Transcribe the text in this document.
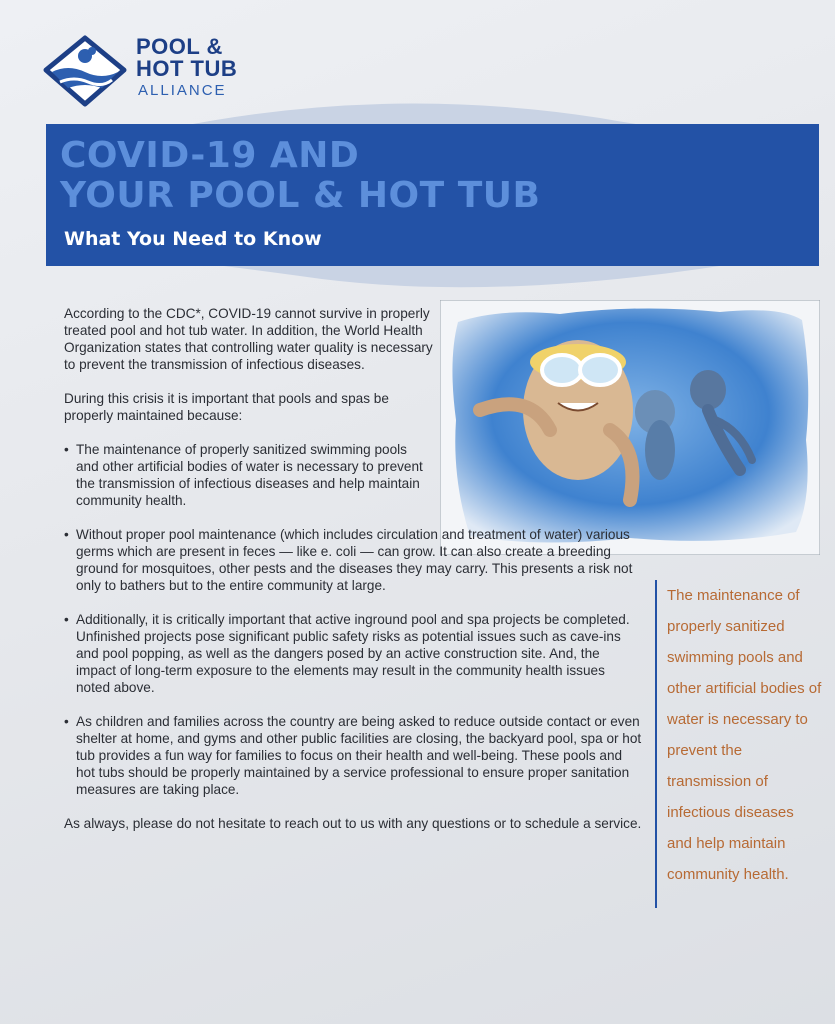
POOL &
HOT TUB
ALLIANCE
COVID-19 AND
YOUR POOL & HOT TUB
What You Need to Know

According to the CDC*, COVID-19 cannot survive in properly treated pool and hot tub water. In addition, the World Health Organization states that controlling water quality is necessary to prevent the transmission of infectious diseases.

During this crisis it is important that pools and spas be properly maintained because:

• The maintenance of properly sanitized swimming pools and other artificial bodies of water is necessary to prevent the transmission of infectious diseases and help maintain community health.
• Without proper pool maintenance (which includes circulation and treatment of water) various germs which are present in feces — like e. coli — can grow. It can also create a breeding ground for mosquitoes, other pests and the diseases they may carry. This presents a risk not only to bathers but to the entire community at large.
• Additionally, it is critically important that active inground pool and spa projects be completed. Unfinished projects pose significant public safety risks as potential issues such as cave-ins and pool popping, as well as the dangers posed by an active construction site. And, the impact of long-term exposure to the elements may result in the community health issues noted above.
• As children and families across the country are being asked to reduce outside contact or even shelter at home, and gyms and other public facilities are closing, the backyard pool, spa or hot tub provides a fun way for families to focus on their health and well-being. These pools and hot tubs should be properly maintained by a service professional to ensure proper sanitation measures are taking place.

As always, please do not hesitate to reach out to us with any questions or to schedule a service.

The maintenance of properly sanitized swimming pools and other artificial bodies of water is necessary to prevent the transmission of infectious diseases and help maintain community health.
